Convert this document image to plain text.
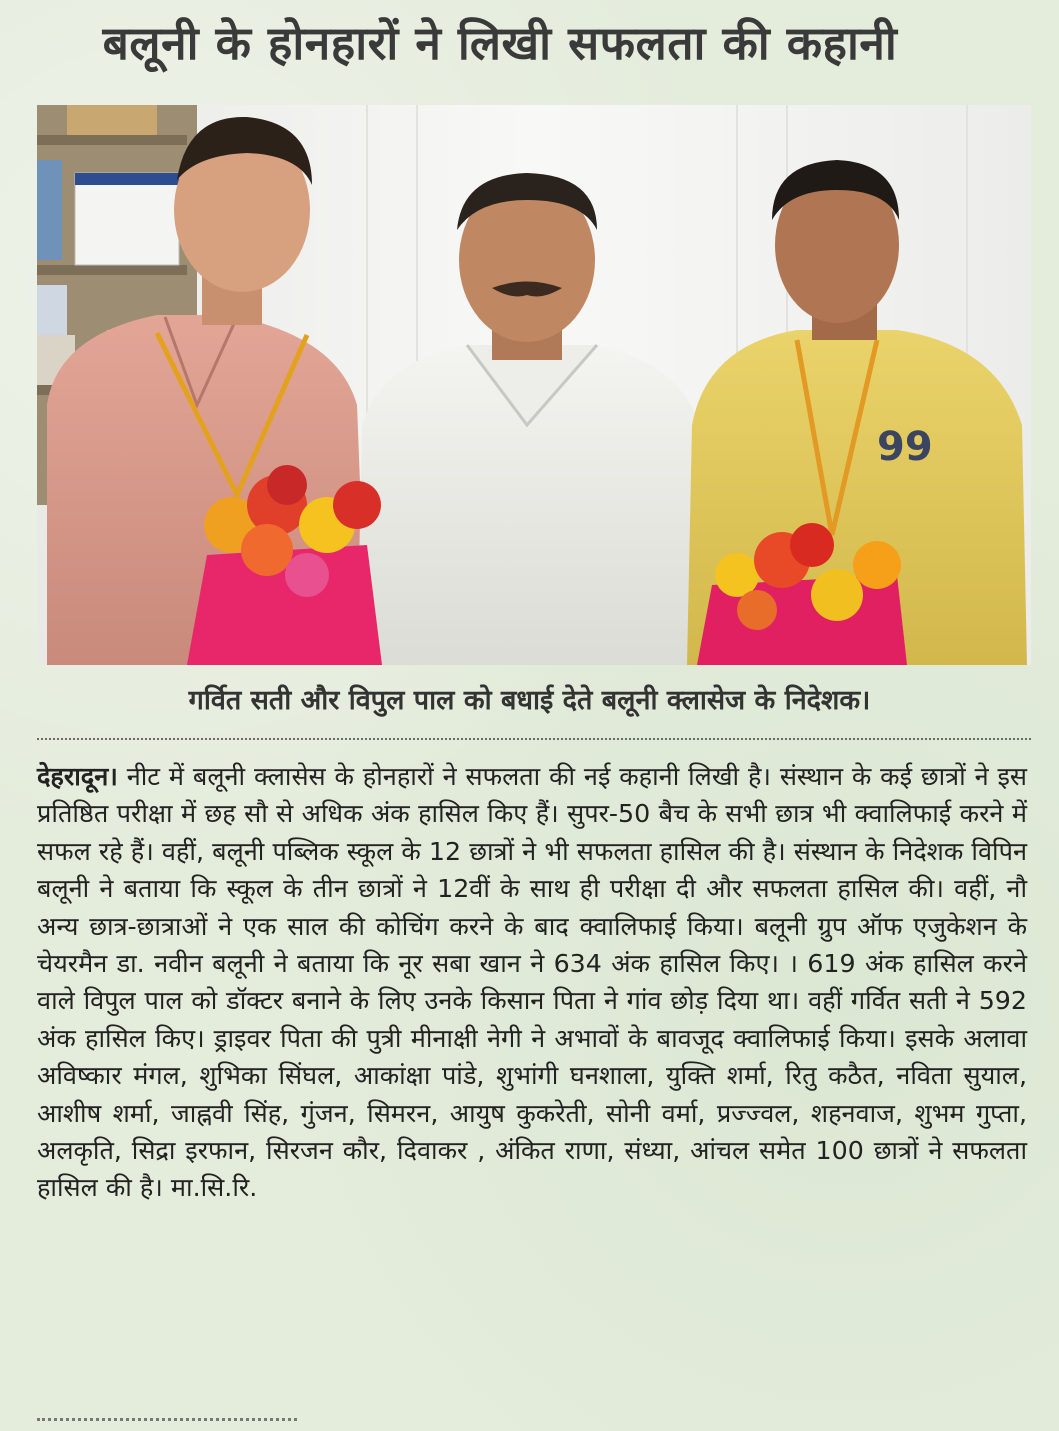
बलूनी के होनहारों ने लिखी सफलता की कहानी
99
गर्वित सती और विपुल पाल को बधाई देते बलूनी क्लासेज के निदेशक।
देहरादून। नीट में बलूनी क्लासेस के होनहारों ने सफलता की नई कहानी लिखी है। संस्थान के कई छात्रों ने इस प्रतिष्ठित परीक्षा में छह सौ से अधिक अंक हासिल किए हैं। सुपर-50 बैच के सभी छात्र भी क्वालिफाई करने में सफल रहे हैं। वहीं, बलूनी पब्लिक स्कूल के 12 छात्रों ने भी सफलता हासिल की है। संस्थान के निदेशक विपिन बलूनी ने बताया कि स्कूल के तीन छात्रों ने 12वीं के साथ ही परीक्षा दी और सफलता हासिल की। वहीं, नौ अन्य छात्र-छात्राओं ने एक साल की कोचिंग करने के बाद क्वालिफाई किया। बलूनी ग्रुप ऑफ एजुकेशन के चेयरमैन डा. नवीन बलूनी ने बताया कि नूर सबा खान ने 634 अंक हासिल किए। । 619 अंक हासिल करने वाले विपुल पाल को डॉक्टर बनाने के लिए उनके किसान पिता ने गांव छोड़ दिया था। वहीं गर्वित सती ने 592 अंक हासिल किए। ड्राइवर पिता की पुत्री मीनाक्षी नेगी ने अभावों के बावजूद क्वालिफाई किया। इसके अलावा अविष्कार मंगल, शुभिका सिंघल, आकांक्षा पांडे, शुभांगी घनशाला, युक्ति शर्मा, रितु कठैत, नविता सुयाल, आशीष शर्मा, जाह्नवी सिंह, गुंजन, सिमरन, आयुष कुकरेती, सोनी वर्मा, प्रज्ज्वल, शहनवाज, शुभम गुप्ता, अलकृति, सिद्रा इरफान, सिरजन कौर, दिवाकर , अंकित राणा, संध्या, आंचल समेत 100 छात्रों ने सफलता हासिल की है। मा.सि.रि.
